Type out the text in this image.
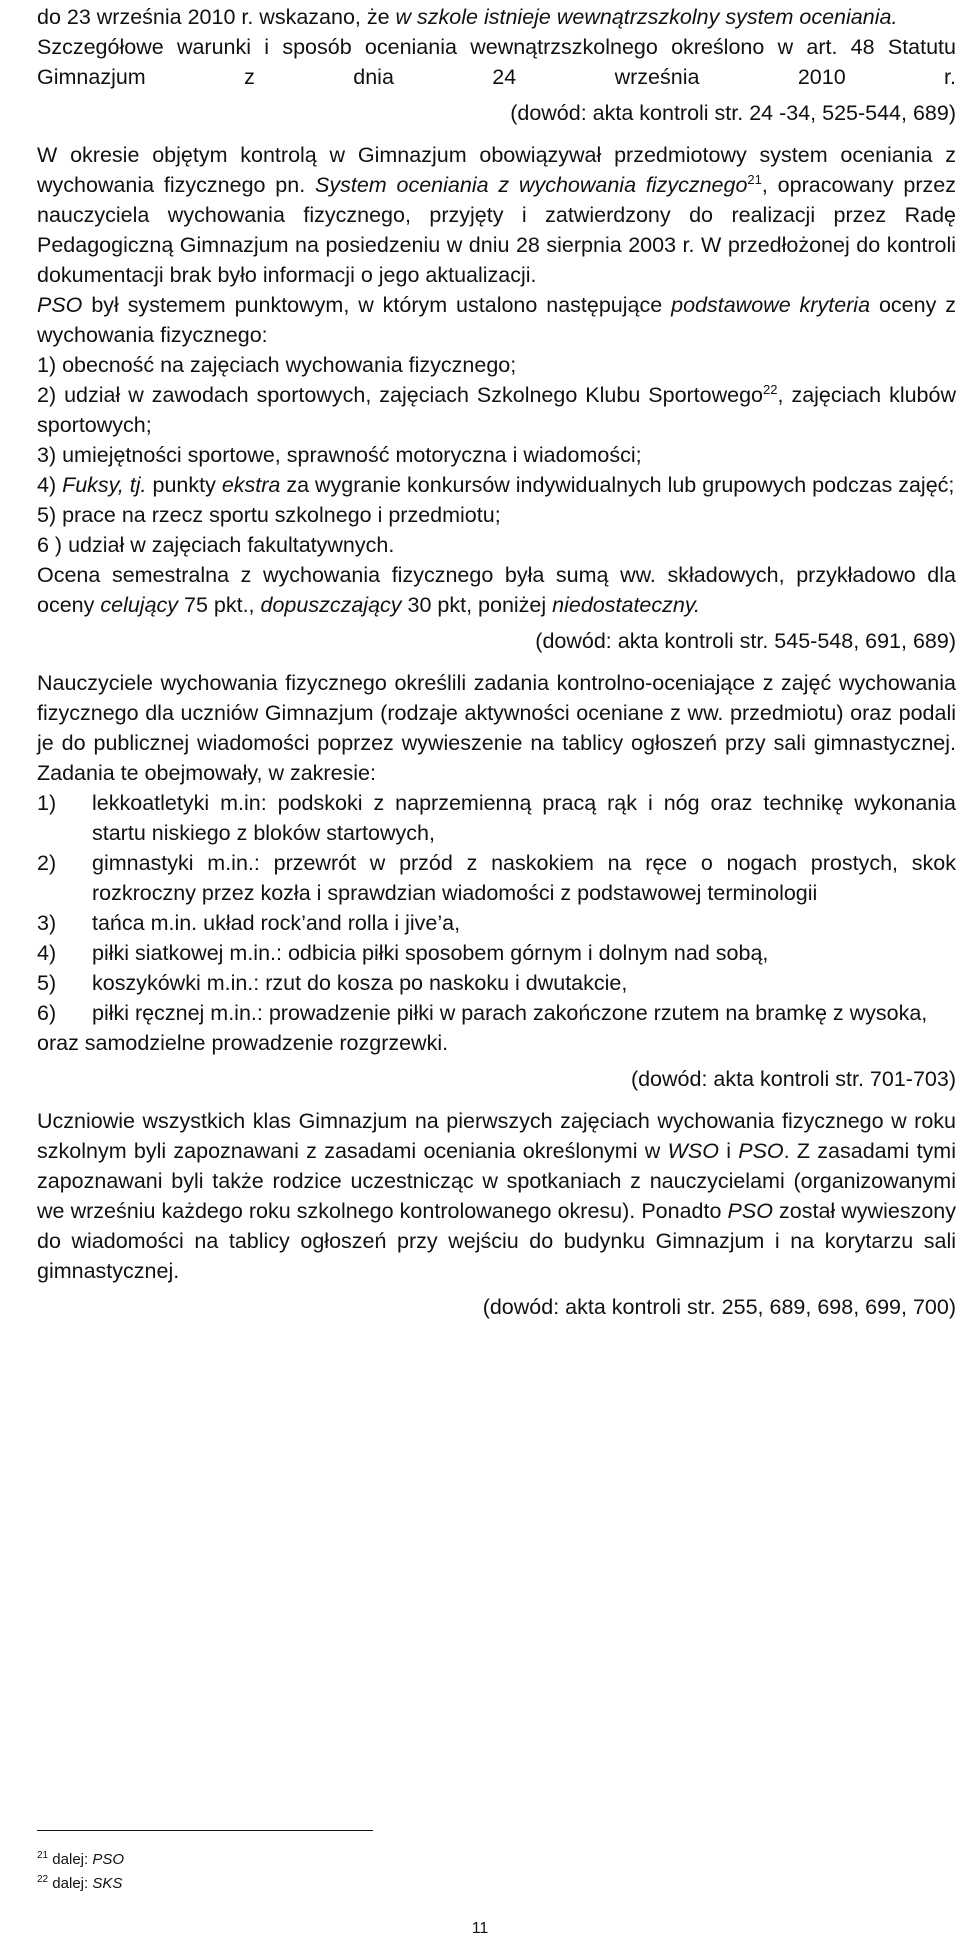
do 23 września 2010 r. wskazano, że w szkole istnieje wewnątrzszkolny system oceniania.

Szczegółowe warunki i sposób oceniania wewnątrzszkolnego określono w art. 48 Statutu Gimnazjum z dnia 24 września 2010 r.

(dowód: akta kontroli str. 24 -34, 525-544, 689)

W okresie objętym kontrolą w Gimnazjum obowiązywał przedmiotowy system oceniania z wychowania fizycznego pn. System oceniania z wychowania fizycznego$^{21}$, opracowany przez nauczyciela wychowania fizycznego, przyjęty i zatwierdzony do realizacji przez Radę Pedagogiczną Gimnazjum na posiedzeniu w dniu 28 sierpnia 2003 r. W przedłożonej do kontroli dokumentacji brak było informacji o jego aktualizacji.

PSO był systemem punktowym, w którym ustalono następujące podstawowe kryteria oceny z wychowania fizycznego:

1) obecność na zajęciach wychowania fizycznego;

2) udział w zawodach sportowych, zajęciach Szkolnego Klubu Sportowego$^{22}$, zajęciach klubów sportowych;

3) umiejętności sportowe, sprawność motoryczna i wiadomości;

4) Fuksy, tj. punkty ekstra za wygranie konkursów indywidualnych lub grupowych podczas zajęć;

5) prace na rzecz sportu szkolnego i przedmiotu;

6 ) udział w zajęciach fakultatywnych.

Ocena semestralna z wychowania fizycznego była sumą ww. składowych, przykładowo dla oceny celujący 75 pkt., dopuszczający 30 pkt, poniżej niedostateczny.

(dowód: akta kontroli str. 545-548, 691, 689)

Nauczyciele wychowania fizycznego określili zadania kontrolno-oceniające z zajęć wychowania fizycznego dla uczniów Gimnazjum (rodzaje aktywności oceniane z ww. przedmiotu) oraz podali je do publicznej wiadomości poprzez wywieszenie na tablicy ogłoszeń przy sali gimnastycznej. Zadania te obejmowały, w zakresie:

1)	lekkoatletyki m.in: podskoki z naprzemienną pracą rąk i nóg oraz technikę wykonania startu niskiego z bloków startowych,
2)	gimnastyki m.in.: przewrót w przód z naskokiem na ręce o nogach prostych, skok rozkroczny przez kozła i sprawdzian wiadomości z podstawowej terminologii
3)	tańca m.in. układ rock’and rolla i jive’a,
4)	piłki siatkowej m.in.: odbicia piłki sposobem górnym i dolnym nad sobą,
5)	koszykówki m.in.: rzut do kosza po naskoku i dwutakcie,
6)	piłki ręcznej m.in.: prowadzenie piłki w parach zakończone rzutem na bramkę z wysoka,

oraz samodzielne prowadzenie rozgrzewki.

(dowód: akta kontroli str. 701-703)

Uczniowie wszystkich klas Gimnazjum na pierwszych zajęciach wychowania fizycznego w roku szkolnym byli zapoznawani z zasadami oceniania określonymi w WSO i PSO. Z zasadami tymi zapoznawani byli także rodzice uczestnicząc w spotkaniach z nauczycielami (organizowanymi we wrześniu każdego roku szkolnego kontrolowanego okresu). Ponadto PSO został wywieszony do wiadomości na tablicy ogłoszeń przy wejściu do budynku Gimnazjum i na korytarzu sali gimnastycznej.

(dowód: akta kontroli str. 255, 689, 698, 699, 700)

$^{21}$ dalej: PSO
$^{22}$ dalej: SKS
11
